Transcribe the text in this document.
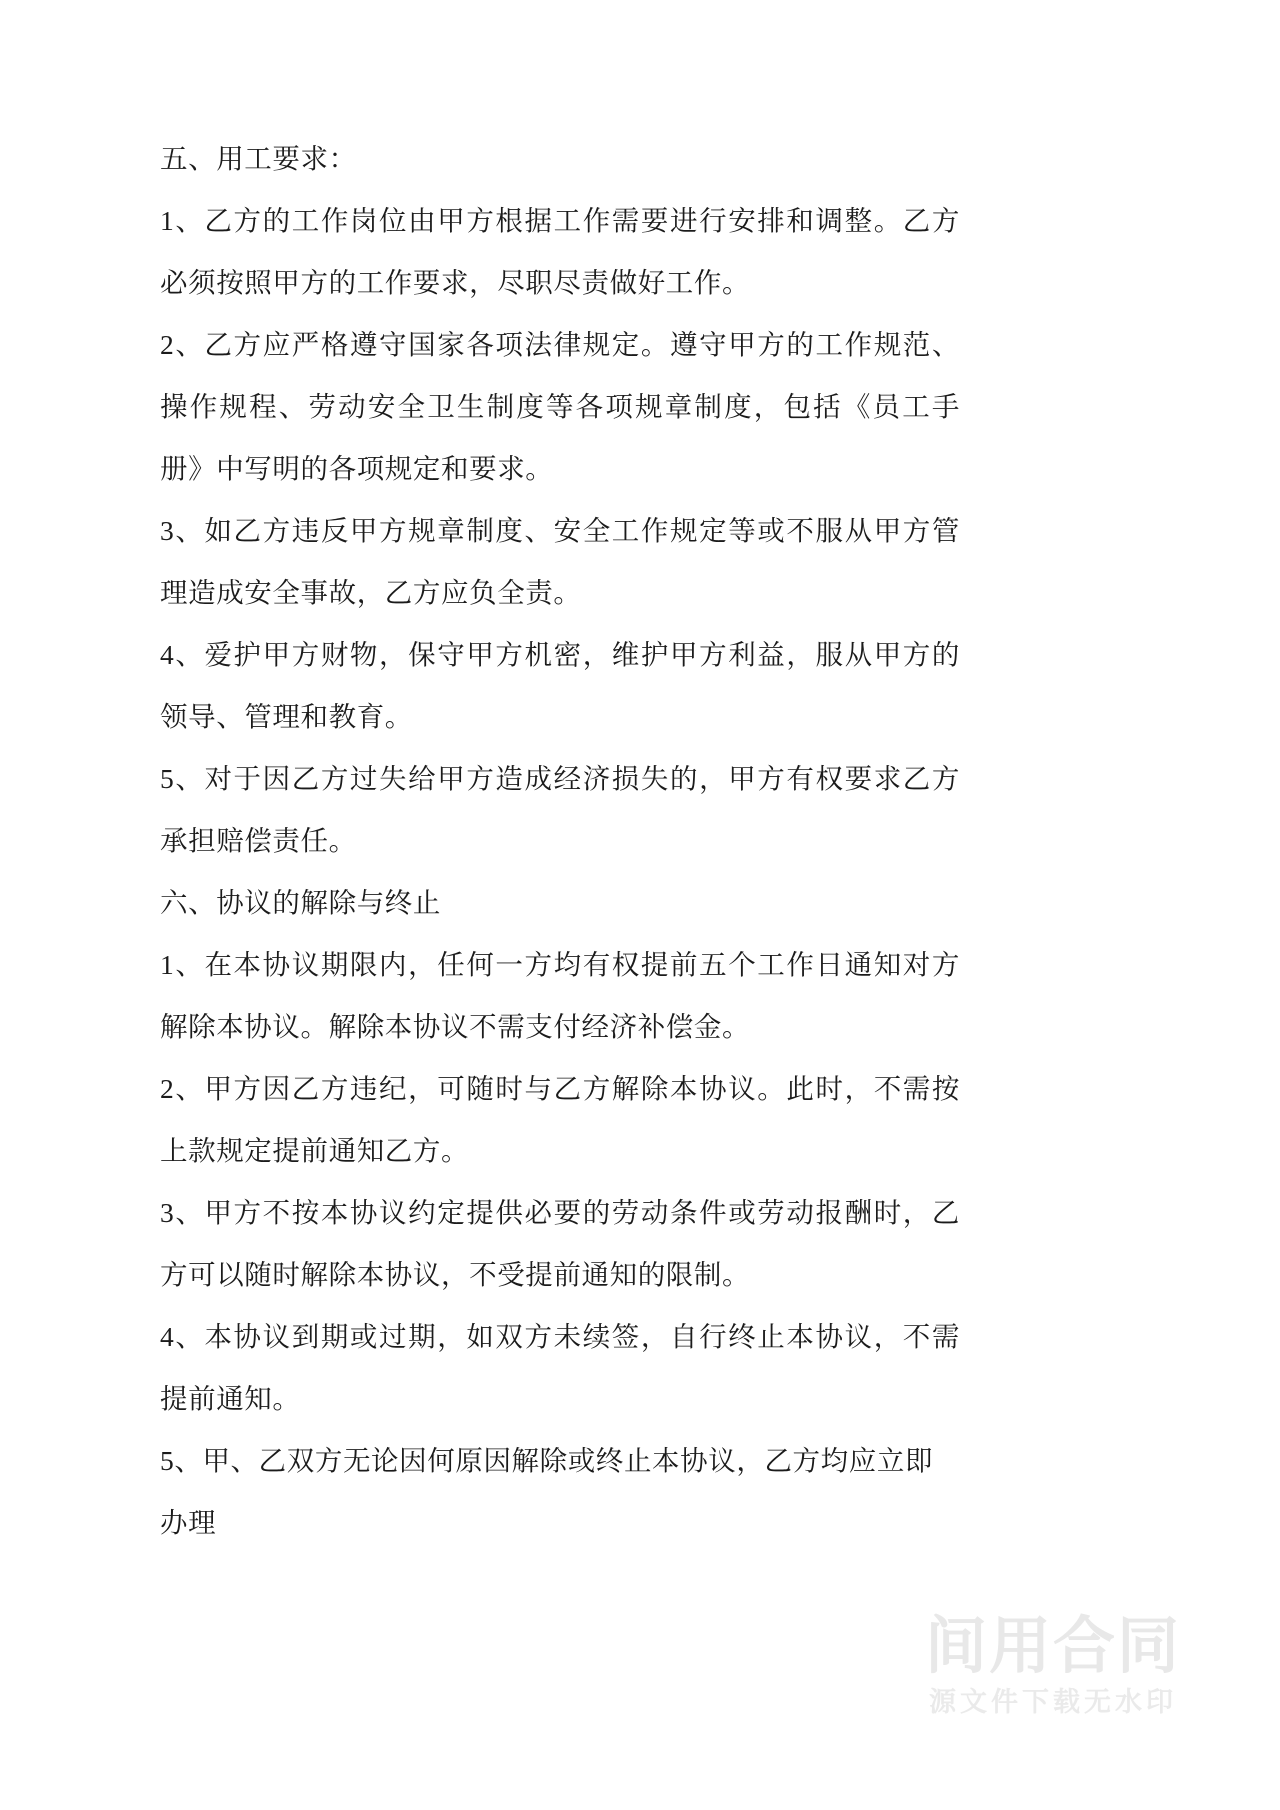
五、用工要求：

1、乙方的工作岗位由甲方根据工作需要进行安排和调整。乙方必须按照甲方的工作要求，尽职尽责做好工作。

2、乙方应严格遵守国家各项法律规定。遵守甲方的工作规范、操作规程、劳动安全卫生制度等各项规章制度，包括《员工手册》中写明的各项规定和要求。

3、如乙方违反甲方规章制度、安全工作规定等或不服从甲方管理造成安全事故，乙方应负全责。

4、爱护甲方财物，保守甲方机密，维护甲方利益，服从甲方的领导、管理和教育。

5、对于因乙方过失给甲方造成经济损失的，甲方有权要求乙方承担赔偿责任。

六、协议的解除与终止

1、在本协议期限内，任何一方均有权提前五个工作日通知对方解除本协议。解除本协议不需支付经济补偿金。

2、甲方因乙方违纪，可随时与乙方解除本协议。此时，不需按上款规定提前通知乙方。

3、甲方不按本协议约定提供必要的劳动条件或劳动报酬时，乙方可以随时解除本协议，不受提前通知的限制。

4、本协议到期或过期，如双方未续签，自行终止本协议，不需提前通知。

5、甲、乙双方无论因何原因解除或终止本协议，乙方均应立即办理

间用合同
源文件下载无水印
